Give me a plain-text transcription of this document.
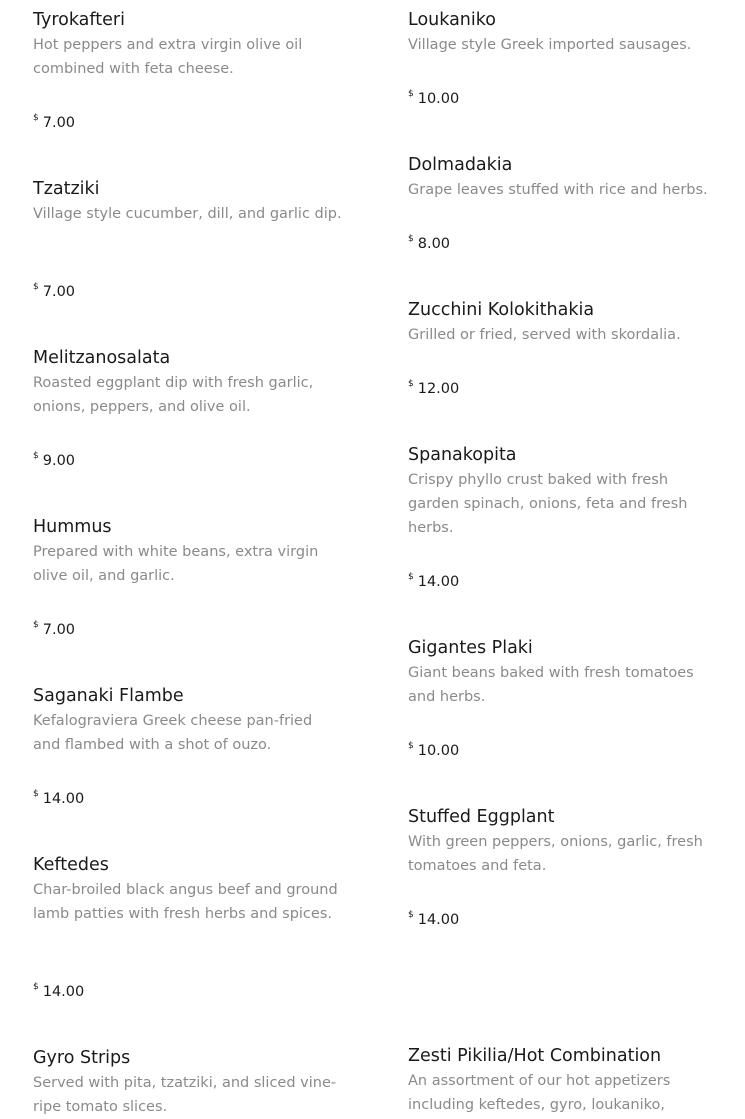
Tyrokafteri

Hot peppers and extra virgin olive oil combined with feta cheese.

$ 7.00

Tzatziki

Village style cucumber, dill, and garlic dip.

$ 7.00

Melitzanosalata

Roasted eggplant dip with fresh garlic, onions, peppers, and olive oil.

$ 9.00

Hummus

Prepared with white beans, extra virgin olive oil, and garlic.

$ 7.00

Saganaki Flambe

Kefalograviera Greek cheese pan-fried and flambed with a shot of ouzo.

$ 14.00

Keftedes

Char-broiled black angus beef and ground lamb patties with fresh herbs and spices.

$ 14.00

Gyro Strips

Served with pita, tzatziki, and sliced vine-ripe tomato slices.

Loukaniko

Village style Greek imported sausages.

$ 10.00

Dolmadakia

Grape leaves stuffed with rice and herbs.

$ 8.00

Zucchini Kolokithakia

Grilled or fried, served with skordalia.

$ 12.00

Spanakopita

Crispy phyllo crust baked with fresh garden spinach, onions, feta and fresh herbs.

$ 14.00

Gigantes Plaki

Giant beans baked with fresh tomatoes and herbs.

$ 10.00

Stuffed Eggplant

With green peppers, onions, garlic, fresh tomatoes and feta.

$ 14.00

Zesti Pikilia/Hot Combination

An assortment of our hot appetizers including keftedes, gyro, loukaniko,
